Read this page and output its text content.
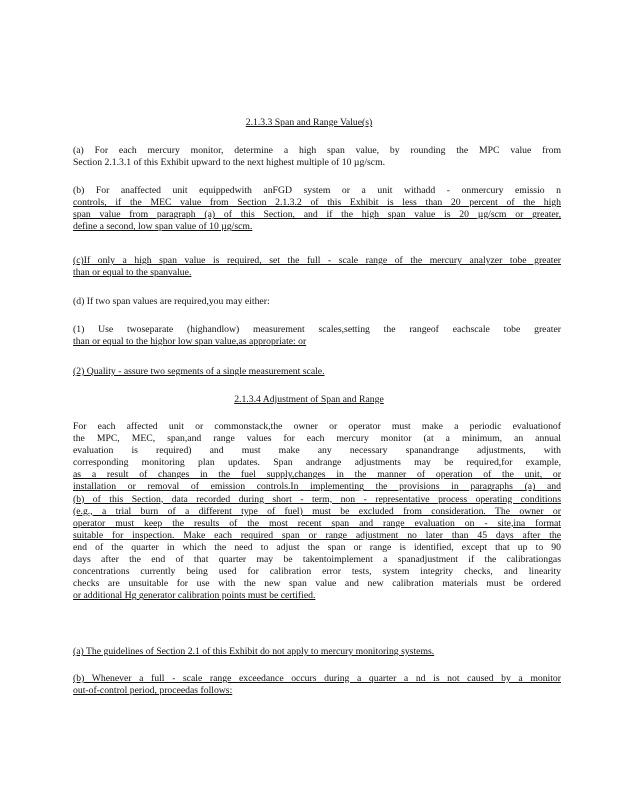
2.1.3.3 Span and Range Value(s)
(a) For each mercury monitor, determine a high span value, by rounding the MPC value from
Section 2.1.3.1 of this Exhibit upward to the next highest multiple of 10 µg/scm.
(b) For anaffected unit equippedwith anFGD system or a unit withadd - onmercury emissio n
controls, if the MEC value from Section 2.1.3.2 of this Exhibit is less than 20 percent of the high
span value from paragraph (a) of this Section, and if the high span value is 20 µg/scm or greater,
define a second, low span value of 10 µg/scm.
(c)If only a high span value is required, set the full - scale range of the mercury analyzer tobe greater
than or equal to the spanvalue.
(d) If two span values are required,you may either:
(1) Use twoseparate (highandlow) measurement scales,setting the rangeof eachscale tobe greater
than or equal to the highor low span value,as appropriate: or
(2) Quality - assure two segments of a single measurement scale.
2.1.3.4 Adjustment of Span and Range
For each affected unit or commonstack,the owner or operator must make a periodic evaluationof
the MPC, MEC, span,and range values for each mercury monitor (at a minimum, an annual
evaluation is required) and must make any necessary spanandrange adjustments, with
corresponding monitoring plan updates. Span andrange adjustments may be required,for example,
as a result of changes in the fuel supply,changes in the manner of operation of the unit, or
installation or removal of emission controls.In implementing the provisions in paragraphs (a) and
(b) of this Section, data recorded during short - term, non - representative process operating conditions
(e.g., a trial burn of a different type of fuel) must be excluded from consideration. The owner or
operator must keep the results of the most recent span and range evaluation on - site,ina format
suitable for inspection. Make each required span or range adjustment no later than 45 days after the
end of the quarter in which the need to adjust the span or range is identified, except that up to 90
days after the end of that quarter may be takentoimplement a spanadjustment if the calibrationgas
concentrations currently being used for calibration error tests, system integrity checks, and linearity
checks are unsuitable for use with the new span value and new calibration materials must be ordered
or additional Hg generator calibration points must be certified.
(a) The guidelines of Section 2.1 of this Exhibit do not apply to mercury monitoring systems.
(b) Whenever a full - scale range exceedance occurs during a quarter a nd is not caused by a monitor
out-of-control period, proceedas follows:
